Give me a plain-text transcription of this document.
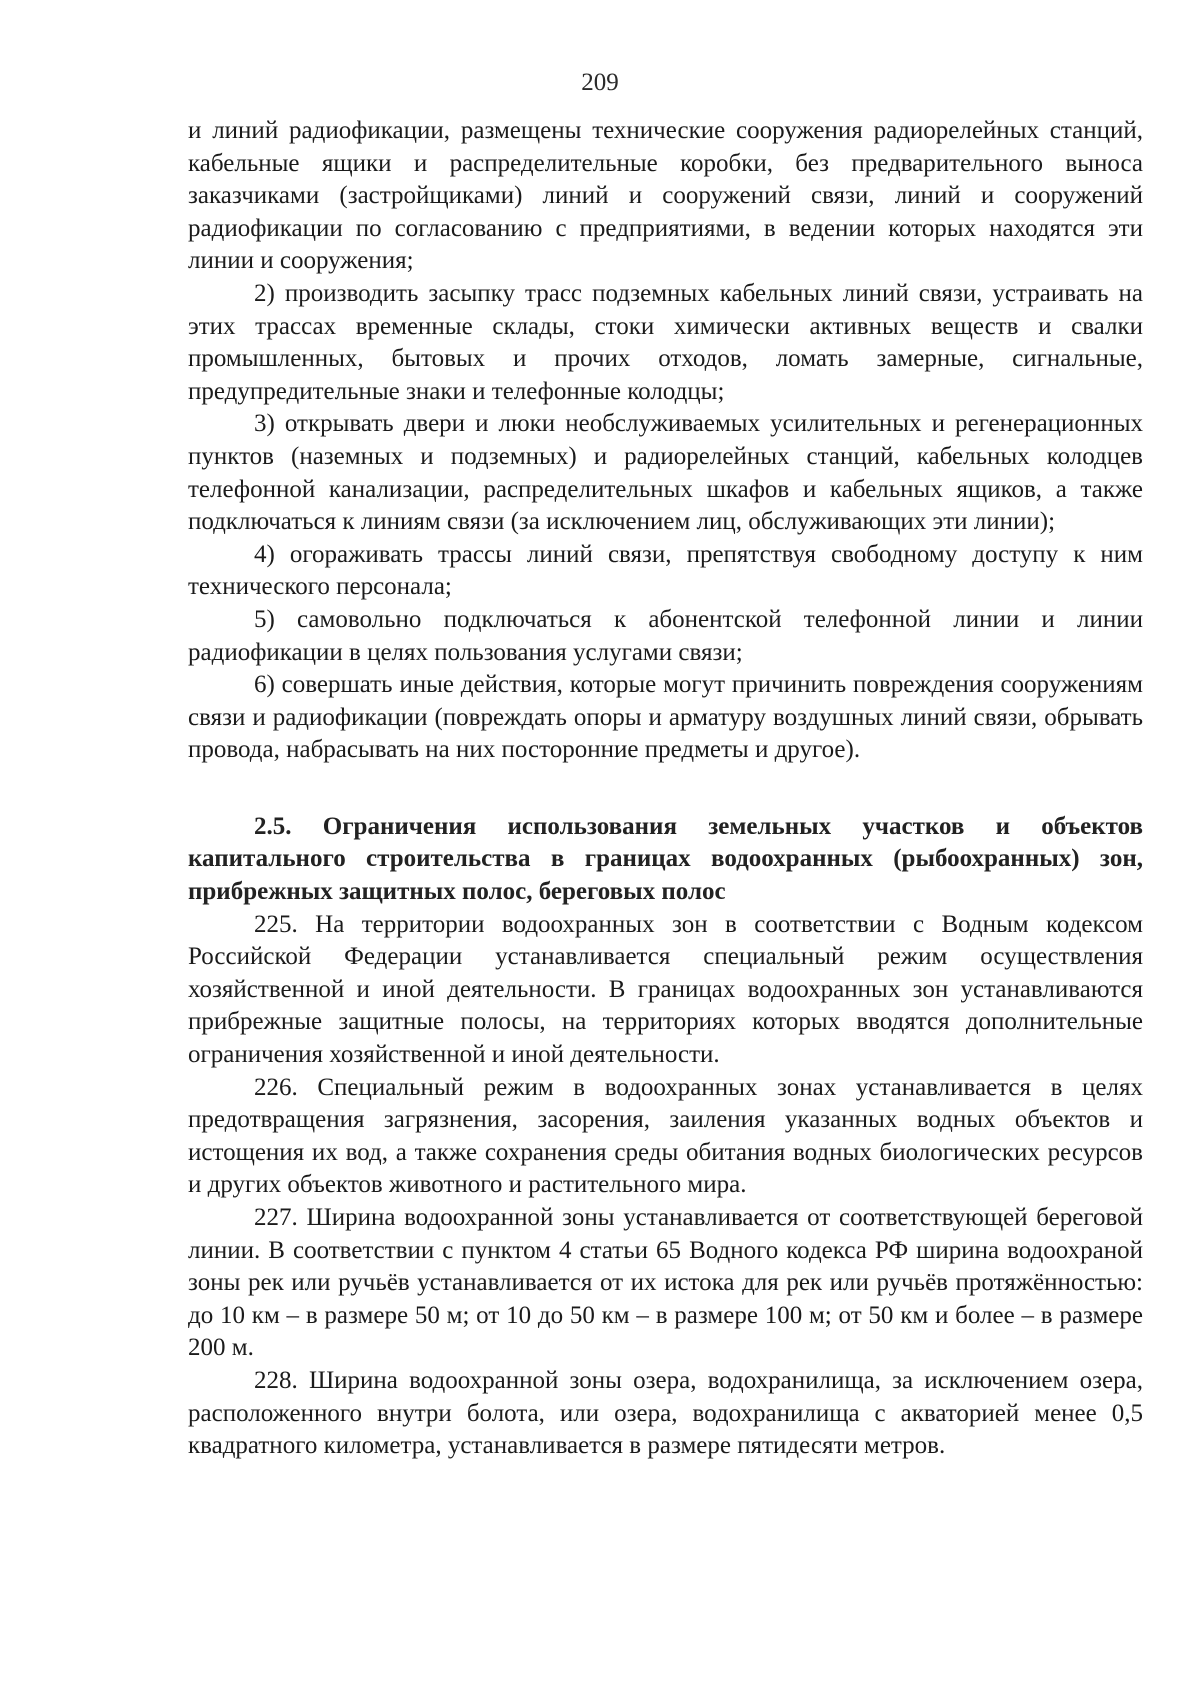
209

и линий радиофикации, размещены технические сооружения радиорелейных станций, кабельные ящики и распределительные коробки, без предварительного выноса заказчиками (застройщиками) линий и сооружений связи, линий и сооружений радиофикации по согласованию с предприятиями, в ведении которых находятся эти линии и сооружения;

2) производить засыпку трасс подземных кабельных линий связи, устраивать на этих трассах временные склады, стоки химически активных веществ и свалки промышленных, бытовых и прочих отходов, ломать замерные, сигнальные, предупредительные знаки и телефонные колодцы;

3) открывать двери и люки необслуживаемых усилительных и регенерационных пунктов (наземных и подземных) и радиорелейных станций, кабельных колодцев телефонной канализации, распределительных шкафов и кабельных ящиков, а также подключаться к линиям связи (за исключением лиц, обслуживающих эти линии);

4) огораживать трассы линий связи, препятствуя свободному доступу к ним технического персонала;

5) самовольно подключаться к абонентской телефонной линии и линии радиофикации в целях пользования услугами связи;

6) совершать иные действия, которые могут причинить повреждения сооружениям связи и радиофикации (повреждать опоры и арматуру воздушных линий связи, обрывать провода, набрасывать на них посторонние предметы и другое).

2.5. Ограничения использования земельных участков и объектов капитального строительства в границах водоохранных (рыбоохранных) зон, прибрежных защитных полос, береговых полос

225. На территории водоохранных зон в соответствии с Водным кодексом Российской Федерации устанавливается специальный режим осуществления хозяйственной и иной деятельности. В границах водоохранных зон устанавливаются прибрежные защитные полосы, на территориях которых вводятся дополнительные ограничения хозяйственной и иной деятельности.

226. Специальный режим в водоохранных зонах устанавливается в целях предотвращения загрязнения, засорения, заиления указанных водных объектов и истощения их вод, а также сохранения среды обитания водных биологических ресурсов и других объектов животного и растительного мира.

227. Ширина водоохранной зоны устанавливается от соответствующей береговой линии. В соответствии с пунктом 4 статьи 65 Водного кодекса РФ ширина водоохраной зоны рек или ручьёв устанавливается от их истока для рек или ручьёв протяжённостью: до 10 км – в размере 50 м; от 10 до 50 км – в размере 100 м; от 50 км и более – в размере 200 м.

228. Ширина водоохранной зоны озера, водохранилища, за исключением озера, расположенного внутри болота, или озера, водохранилища с акваторией менее 0,5 квадратного километра, устанавливается в размере пятидесяти метров.
